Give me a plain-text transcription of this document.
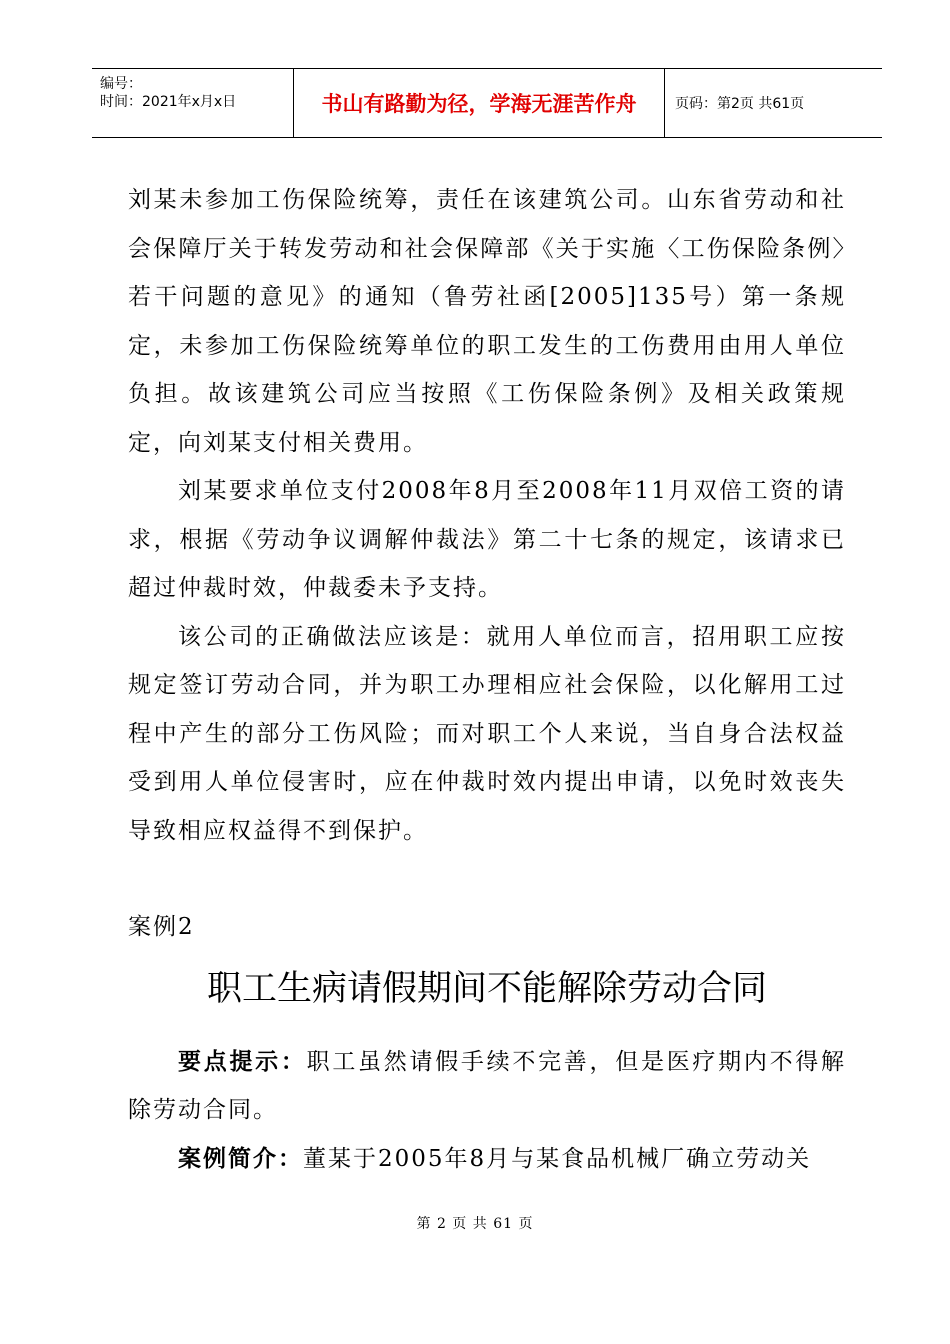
编号：
时间：2021年x月x日	书山有路勤为径，学海无涯苦作舟	页码：第2页 共61页

刘某未参加工伤保险统筹，责任在该建筑公司。山东省劳动和社会保障厅关于转发劳动和社会保障部《关于实施〈工伤保险条例〉若干问题的意见》的通知（鲁劳社函[2005]135号）第一条规定，未参加工伤保险统筹单位的职工发生的工伤费用由用人单位负担。故该建筑公司应当按照《工伤保险条例》及相关政策规定，向刘某支付相关费用。

刘某要求单位支付2008年8月至2008年11月双倍工资的请求，根据《劳动争议调解仲裁法》第二十七条的规定，该请求已超过仲裁时效，仲裁委未予支持。

该公司的正确做法应该是：就用人单位而言，招用职工应按规定签订劳动合同，并为职工办理相应社会保险，以化解用工过程中产生的部分工伤风险；而对职工个人来说，当自身合法权益受到用人单位侵害时，应在仲裁时效内提出申请，以免时效丧失导致相应权益得不到保护。

案例2

职工生病请假期间不能解除劳动合同

要点提示：职工虽然请假手续不完善，但是医疗期内不得解除劳动合同。

案例简介：董某于2005年8月与某食品机械厂确立劳动关

第 2 页 共 61 页
